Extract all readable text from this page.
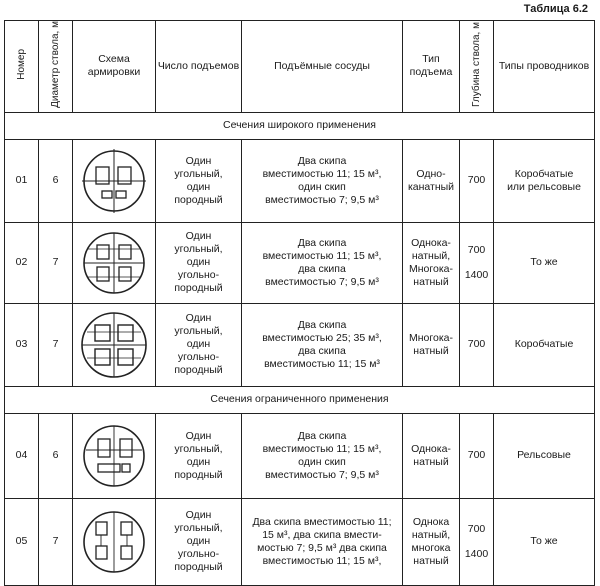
Таблица 6.2
Номер	Диаметр ствола, м	Схема армировки	Число подъемов	Подъёмные сосуды	Тип подъема	Глубина ствола, м	Типы проводников
Сечения широкого применения							
01	6		Один
угольный,
один
породный	Два скипа
вместимостью 11; 15 м³,
один скип
вместимостью 7; 9,5 м³	Одно-
канатный	700	Коробчатые
или рельсовые
02	7		Один
угольный,
один
угольно-
породный	Два скипа
вместимостью 11; 15 м³,
два скипа
вместимостью 7; 9,5 м³	Однока-
натный,
Многока-
натный	700
1400	То же
03	7		Один
угольный,
один
угольно-
породный	Два скипа
вместимостью 25; 35 м³,
два скипа
вместимостью 11; 15 м³	Многока-
натный	700	Коробчатые
Сечения ограниченного применения							
04	6		Один
угольный,
один
породный	Два скипа
вместимостью 11; 15 м³,
один скип
вместимостью 7; 9,5 м³	Однока-
натный	700	Рельсовые
05	7		Один
угольный,
один
угольно-
породный	Два скипа вместимостью 11;
15 м³, два скипа вмести-
мостью 7; 9,5 м³ два скипа
вместимостью 11; 15 м³,	Однока
натный,
многока
натный	700
1400	То же
